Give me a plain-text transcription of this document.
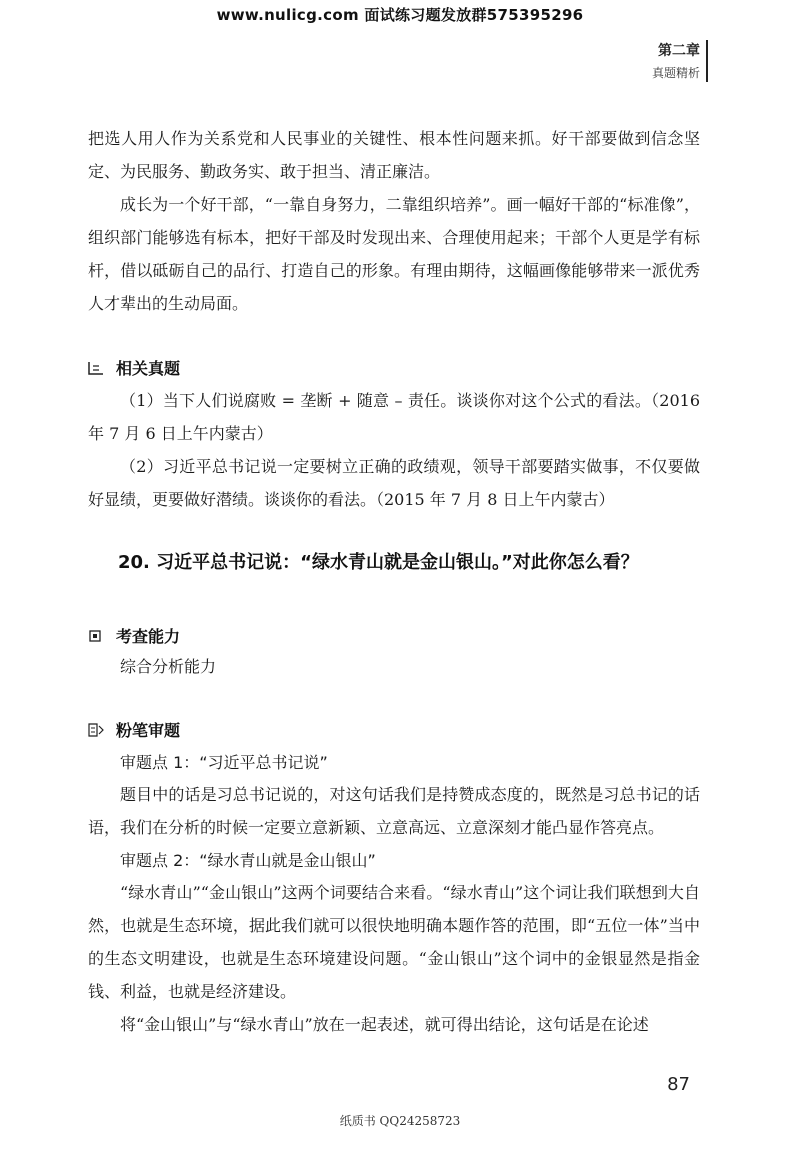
www.nulicg.com 面试练习题发放群575395296
第二章
真题精析

把选人用人作为关系党和人民事业的关键性、根本性问题来抓。好干部要做到信念坚定、为民服务、勤政务实、敢于担当、清正廉洁。

成长为一个好干部，“一靠自身努力，二靠组织培养”。画一幅好干部的“标准像”，组织部门能够选有标本，把好干部及时发现出来、合理使用起来；干部个人更是学有标杆，借以砥砺自己的品行、打造自己的形象。有理由期待，这幅画像能够带来一派优秀人才辈出的生动局面。

相关真题

（1）当下人们说腐败 = 垄断 + 随意 – 责任。谈谈你对这个公式的看法。（2016 年 7 月 6 日上午内蒙古）

（2）习近平总书记说一定要树立正确的政绩观，领导干部要踏实做事，不仅要做好显绩，更要做好潜绩。谈谈你的看法。（2015 年 7 月 8 日上午内蒙古）

20. 习近平总书记说：“绿水青山就是金山银山。”对此你怎么看？
考查能力

综合分析能力

粉笔审题

审题点 1：“习近平总书记说”

题目中的话是习总书记说的，对这句话我们是持赞成态度的，既然是习总书记的话语，我们在分析的时候一定要立意新颖、立意高远、立意深刻才能凸显作答亮点。

审题点 2：“绿水青山就是金山银山”

“绿水青山”“金山银山”这两个词要结合来看。“绿水青山”这个词让我们联想到大自然，也就是生态环境，据此我们就可以很快地明确本题作答的范围，即“五位一体”当中的生态文明建设，也就是生态环境建设问题。“金山银山”这个词中的金银显然是指金钱、利益，也就是经济建设。

将“金山银山”与“绿水青山”放在一起表述，就可得出结论，这句话是在论述

87
纸质书 QQ24258723
